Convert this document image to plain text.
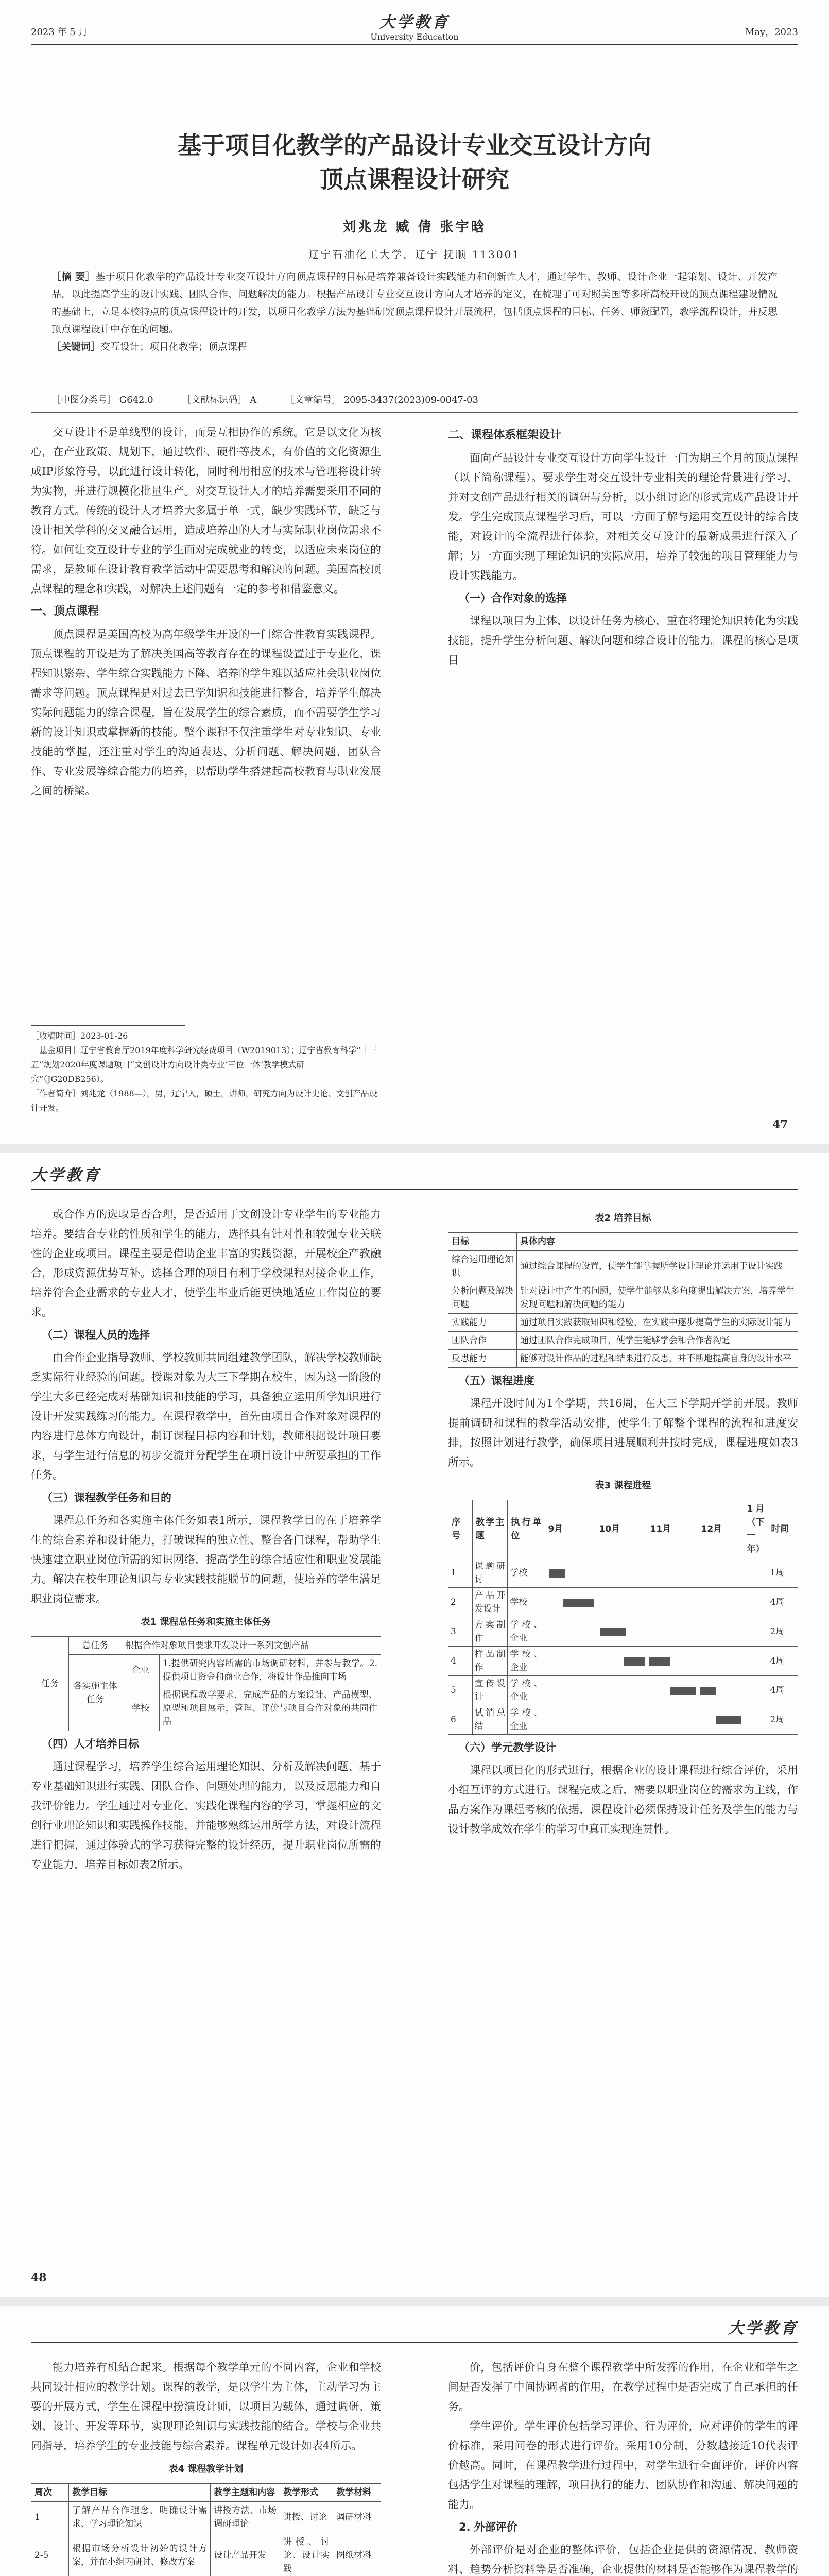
2023 年 5 月
大学教育
University Education	May，2023
基于项目化教学的产品设计专业交互设计方向
顶点课程设计研究
刘兆龙 臧 倩 张宇晗
辽宁石油化工大学，辽宁 抚顺 113001
［摘 要］基于项目化教学的产品设计专业交互设计方向顶点课程的目标是培养兼备设计实践能力和创新性人才，通过学生、教师、设计企业一起策划、设计、开发产品，以此提高学生的设计实践、团队合作、问题解决的能力。根据产品设计专业交互设计方向人才培养的定义，在梳理了可对照美国等多所高校开设的顶点课程建设情况的基础上，立足本校特点的顶点课程设计的开发，以项目化教学方法为基础研究顶点课程设计开展流程，包括顶点课程的目标、任务、师资配置，教学流程设计，并反思顶点课程设计中存在的问题。
［关键词］交互设计；项目化教学；顶点课程
［中图分类号］ G642.0	［文献标识码］ A	［文章编号］ 2095-3437(2023)09-0047-03

交互设计不是单线型的设计，而是互相协作的系统。它是以文化为核心，在产业政策、规划下，通过软件、硬件等技术，有价值的文化资源生成IP形象符号，以此进行设计转化，同时利用相应的技术与管理将设计转为实物，并进行规模化批量生产。对交互设计人才的培养需要采用不同的教育方式。传统的设计人才培养大多属于单一式，缺少实践环节，缺乏与设计相关学科的交叉融合运用，造成培养出的人才与实际职业岗位需求不符。如何让交互设计专业的学生面对完成就业的转变，以适应未来岗位的需求，是教师在设计教育教学活动中需要思考和解决的问题。美国高校顶点课程的理念和实践，对解决上述问题有一定的参考和借鉴意义。

一、顶点课程

顶点课程是美国高校为高年级学生开设的一门综合性教育实践课程。顶点课程的开设是为了解决美国高等教育存在的课程设置过于专业化、课程知识繁杂、学生综合实践能力下降、培养的学生难以适应社会职业岗位需求等问题。顶点课程是对过去已学知识和技能进行整合，培养学生解决实际问题能力的综合课程，旨在发展学生的综合素质，而不需要学生学习新的设计知识或掌握新的技能。整个课程不仅注重学生对专业知识、专业技能的掌握，还注重对学生的沟通表达、分析问题、解决问题、团队合作、专业发展等综合能力的培养，以帮助学生搭建起高校教育与职业发展之间的桥梁。

［收稿时间］2023-01-26
［基金项目］辽宁省教育厅2019年度科学研究经费项目（W2019013）；辽宁省教育科学“十三五”规划2020年度课题项目“文创设计方向设计类专业‘三位一体’教学模式研究”（JG20DB256）。
［作者简介］刘兆龙（1988—），男，辽宁人，硕士，讲师，研究方向为设计史论、文创产品设计开发。
二、课程体系框架设计

面向产品设计专业交互设计方向学生设计一门为期三个月的顶点课程（以下简称课程）。要求学生对交互设计专业相关的理论背景进行学习，并对文创产品进行相关的调研与分析，以小组讨论的形式完成产品设计开发。学生完成顶点课程学习后，可以一方面了解与运用交互设计的综合技能，对设计的全流程进行体验，对相关交互设计的最新成果进行深入了解；另一方面实现了理论知识的实际应用，培养了较强的项目管理能力与设计实践能力。

（一）合作对象的选择

课程以项目为主体，以设计任务为核心，重在将理论知识转化为实践技能，提升学生分析问题、解决问题和综合设计的能力。课程的核心是项目

47
大学教育

或合作方的选取是否合理，是否适用于文创设计专业学生的专业能力培养。要结合专业的性质和学生的能力，选择具有针对性和较强专业关联性的企业或项目。课程主要是借助企业丰富的实践资源，开展校企产教融合，形成资源优势互补。选择合理的项目有利于学校课程对接企业工作，培养符合企业需求的专业人才，使学生毕业后能更快地适应工作岗位的要求。

（二）课程人员的选择

由合作企业指导教师、学校教师共同组建教学团队，解决学校教师缺乏实际行业经验的问题。授课对象为大三下学期在校生，因为这一阶段的学生大多已经完成对基础知识和技能的学习，具备独立运用所学知识进行设计开发实践练习的能力。在课程教学中，首先由项目合作对象对课程的内容进行总体方向设计，制订课程目标内容和计划，教师根据设计项目要求，与学生进行信息的初步交流并分配学生在项目设计中所要承担的工作任务。

（三）课程教学任务和目的

课程总任务和各实施主体任务如表1所示，课程教学目的在于培养学生的综合素养和设计能力，打破课程的独立性、整合各门课程，帮助学生快速建立职业岗位所需的知识网络，提高学生的综合适应性和职业发展能力。解决在校生理论知识与专业实践技能脱节的问题，使培养的学生满足职业岗位需求。

表1 课程总任务和实施主体任务
任务	总任务	根据合作对象项目要求开发设计一系列文创产品	
	各实施主体任务	企业	1.提供研究内容所需的市场调研材料，并参与教学。2.提供项目资金和商业合作，将设计作品推向市场
		学校	根据课程教学要求，完成产品的方案设计、产品模型、原型和项目展示，管理、评价与项目合作对象的共同作品
（四）人才培养目标

通过课程学习，培养学生综合运用理论知识、分析及解决问题、基于专业基础知识进行实践、团队合作、问题处理的能力，以及反思能力和自我评价能力。学生通过对专业化、实践化课程内容的学习，掌握相应的文创行业理论知识和实践操作技能，并能够熟练运用所学方法，对设计流程进行把握，通过体验式的学习获得完整的设计经历，提升职业岗位所需的专业能力，培养目标如表2所示。

表2 培养目标
目标	具体内容
综合运用理论知识	通过综合课程的设置，使学生能掌握所学设计理论并运用于设计实践
分析问题及解决问题	针对设计中产生的问题，使学生能够从多角度提出解决方案，培养学生发现问题和解决问题的能力
实践能力	通过项目实践获取知识和经验，在实践中逐步提高学生的实际设计能力
团队合作	通过团队合作完成项目，使学生能够学会和合作者沟通
反思能力	能够对设计作品的过程和结果进行反思，并不断地提高自身的设计水平
（五）课程进度

课程开设时间为1个学期，共16周，在大三下学期开学前开展。教师提前调研和课程的教学活动安排，使学生了解整个课程的流程和进度安排，按照计划进行教学，确保项目进展顺利并按时完成，课程进度如表3所示。

表3 课程进程
序号	教学主题	执行单位	9月	10月	11月	12月	1月（下一年）	时间
1	课题研讨	学校						1周
2	产品开发设计	学校						4周
3	方案制作	学校、企业						2周
4	样品制作	学校、企业						4周
5	宣传设计	学校、企业						4周
6	试销总结	学校、企业						2周
（六）学元教学设计

课程以项目化的形式进行，根据企业的设计课程进行综合评价，采用小组互评的方式进行。课程完成之后，需要以职业岗位的需求为主线，作品方案作为课程考核的依据，课程设计必须保持设计任务及学生的能力与设计教学成效在学生的学习中真正实现连贯性。

48
大学教育

能力培养有机结合起来。根据每个教学单元的不同内容，企业和学校共同设计相应的教学计划。课程的教学，是以学生为主体，主动学习为主要的开展方式，学生在课程中扮演设计师，以项目为载体，通过调研、策划、设计、开发等环节，实现理论知识与实践技能的结合。学校与企业共同指导，培养学生的专业技能与综合素养。课程单元设计如表4所示。

表4 课程教学计划
周次	教学目标	教学主题和内容	教学形式	教学材料
1	了解产品合作理念、明确设计需求、学习理论知识	讲授方法、市场调研理论	讲授、讨论	调研材料
2-5	根据市场分析设计初始的设计方案，并在小组内研讨、修改方案	设计产品开发	讲授、讨论、设计实践	图纸材料

价，包括评价自身在整个课程教学中所发挥的作用，在企业和学生之间是否发挥了中间协调者的作用，在教学过程中是否完成了自己承担的任务。

学生评价。学生评价包括学习评价、行为评价，应对评价的学生的评价标准，采用问卷的形式进行评价。采用10分制，分数越接近10代表评价越高。同时，在课程教学进行过程中，对学生进行全面评价，评价内容包括学生对课程的理解，项目执行的能力、团队协作和沟通、解决问题的能力。

2. 外部评价

外部评价是对企业的整体评价，包括企业提供的资源情况、教师资料、趋势分析资料等是否准确，企业提供的材料是否能够作为课程教学的
